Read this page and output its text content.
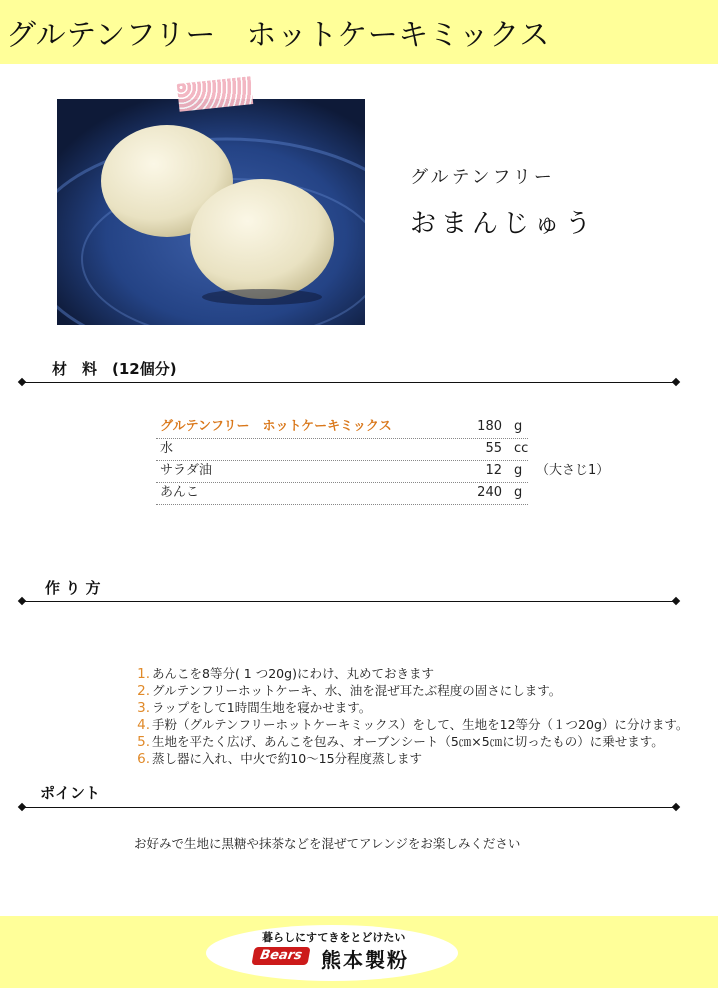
グルテンフリー　ホットケーキミックス
グルテンフリー
おまんじゅう
材　料　(12個分)
グルテンフリー　ホットケーキミックス	180 g
水	55 cc
サラダ油	12 g （大さじ1）
あんこ	240 g
作 り 方
1. あんこを8等分( 1 つ20g)にわけ、丸めておきます
2. グルテンフリーホットケーキ、水、油を混ぜ耳たぶ程度の固さにします。
3. ラップをして1時間生地を寝かせます。
4. 手粉（グルテンフリーホットケーキミックス）をして、生地を12等分（１つ20g）に分けます。
5. 生地を平たく広げ、あんこを包み、オーブンシート（5㎝×5㎝に切ったもの）に乗せます。
6. 蒸し器に入れ、中火で約10～15分程度蒸します
ポイント
お好みで生地に黒糖や抹茶などを混ぜてアレンジをお楽しみください
暮らしにすてきをとどけたい
Bears 熊本製粉
